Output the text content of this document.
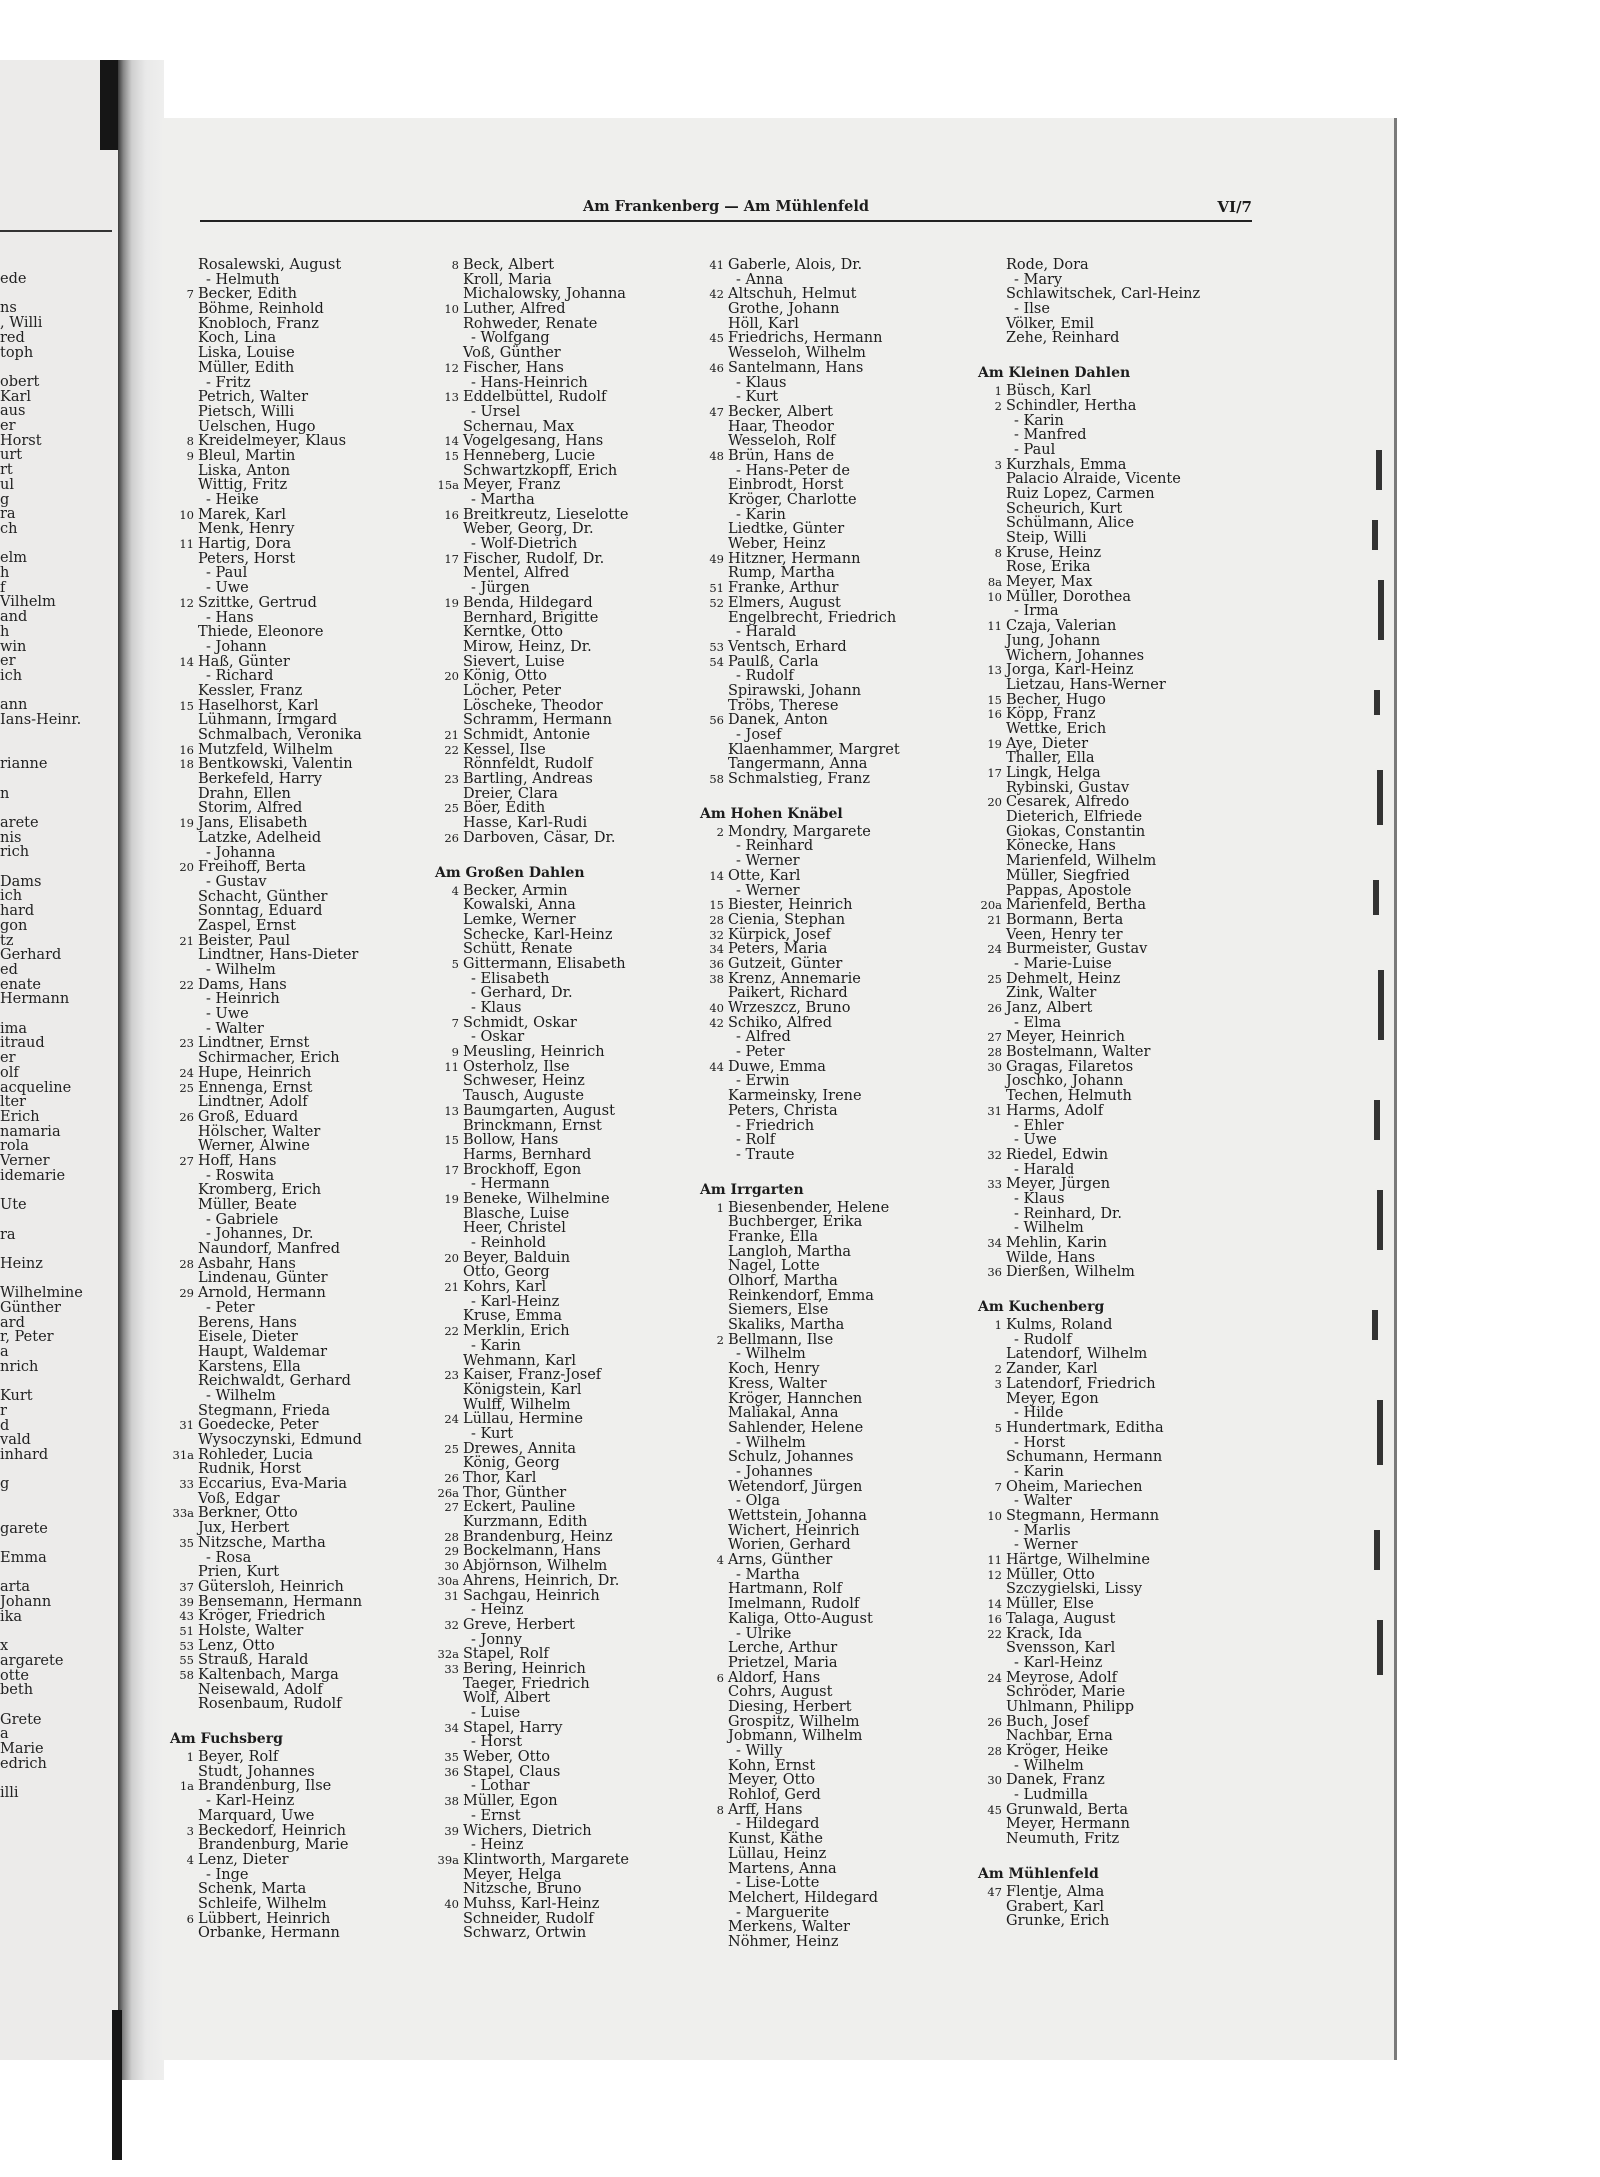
ede
ns
, Willi
red
toph
obert
Karl
aus
er
Horst
urt
rt
ul
g
ra
ch
elm
h
f
Vilhelm
and
h
win
er
ich
ann
Ians-Heinr.
rianne
n
arete
nis
rich
Dams
ich
hard
gon
tz
Gerhard
ed
enate
Hermann
ima
itraud
er
olf
acqueline
lter
Erich
namaria
rola
Verner
idemarie
Ute
ra
Heinz
Wilhelmine
Günther
ard
r, Peter
a
nrich
Kurt
r
d
vald
inhard
g
garete
Emma
arta
Johann
ika
x
argarete
otte
beth
Grete
a
Marie
edrich
illi
Am Frankenberg — Am Mühlenfeld	VI/7
Rosalewski, August
- Helmuth
7 Becker, Edith
Böhme, Reinhold
Knobloch, Franz
Koch, Lina
Liska, Louise
Müller, Edith
- Fritz
Petrich, Walter
Pietsch, Willi
Uelschen, Hugo
8 Kreidelmeyer, Klaus
9 Bleul, Martin
Liska, Anton
Wittig, Fritz
- Heike
10 Marek, Karl
Menk, Henry
11 Hartig, Dora
Peters, Horst
- Paul
- Uwe
12 Szittke, Gertrud
- Hans
Thiede, Eleonore
- Johann
14 Haß, Günter
- Richard
Kessler, Franz
15 Haselhorst, Karl
Lühmann, Irmgard
Schmalbach, Veronika
16 Mutzfeld, Wilhelm
18 Bentkowski, Valentin
Berkefeld, Harry
Drahn, Ellen
Storim, Alfred
19 Jans, Elisabeth
Latzke, Adelheid
- Johanna
20 Freihoff, Berta
- Gustav
Schacht, Günther
Sonntag, Eduard
Zaspel, Ernst
21 Beister, Paul
Lindtner, Hans-Dieter
- Wilhelm
22 Dams, Hans
- Heinrich
- Uwe
- Walter
23 Lindtner, Ernst
Schirmacher, Erich
24 Hupe, Heinrich
25 Ennenga, Ernst
Lindtner, Adolf
26 Groß, Eduard
Hölscher, Walter
Werner, Alwine
27 Hoff, Hans
- Roswita
Kromberg, Erich
Müller, Beate
- Gabriele
- Johannes, Dr.
Naundorf, Manfred
28 Asbahr, Hans
Lindenau, Günter
29 Arnold, Hermann
- Peter
Berens, Hans
Eisele, Dieter
Haupt, Waldemar
Karstens, Ella
Reichwaldt, Gerhard
- Wilhelm
Stegmann, Frieda
31 Goedecke, Peter
Wysoczynski, Edmund
31a Rohleder, Lucia
Rudnik, Horst
33 Eccarius, Eva-Maria
Voß, Edgar
33a Berkner, Otto
Jux, Herbert
35 Nitzsche, Martha
- Rosa
Prien, Kurt
37 Gütersloh, Heinrich
39 Bensemann, Hermann
43 Kröger, Friedrich
51 Holste, Walter
53 Lenz, Otto
55 Strauß, Harald
58 Kaltenbach, Marga
Neisewald, Adolf
Rosenbaum, Rudolf
Am Fuchsberg
1 Beyer, Rolf
Studt, Johannes
1a Brandenburg, Ilse
- Karl-Heinz
Marquard, Uwe
3 Beckedorf, Heinrich
Brandenburg, Marie
4 Lenz, Dieter
- Inge
Schenk, Marta
Schleife, Wilhelm
6 Lübbert, Heinrich
Orbanke, Hermann
8 Beck, Albert
Kroll, Maria
Michalowsky, Johanna
10 Luther, Alfred
Rohweder, Renate
- Wolfgang
Voß, Günther
12 Fischer, Hans
- Hans-Heinrich
13 Eddelbüttel, Rudolf
- Ursel
Schernau, Max
14 Vogelgesang, Hans
15 Henneberg, Lucie
Schwartzkopff, Erich
15a Meyer, Franz
- Martha
16 Breitkreutz, Lieselotte
Weber, Georg, Dr.
- Wolf-Dietrich
17 Fischer, Rudolf, Dr.
Mentel, Alfred
- Jürgen
19 Benda, Hildegard
Bernhard, Brigitte
Kerntke, Otto
Mirow, Heinz, Dr.
Sievert, Luise
20 König, Otto
Löcher, Peter
Löscheke, Theodor
Schramm, Hermann
21 Schmidt, Antonie
22 Kessel, Ilse
Rönnfeldt, Rudolf
23 Bartling, Andreas
Dreier, Clara
25 Böer, Edith
Hasse, Karl-Rudi
26 Darboven, Cäsar, Dr.
Am Großen Dahlen
4 Becker, Armin
Kowalski, Anna
Lemke, Werner
Schecke, Karl-Heinz
Schütt, Renate
5 Gittermann, Elisabeth
- Elisabeth
- Gerhard, Dr.
- Klaus
7 Schmidt, Oskar
- Oskar
9 Meusling, Heinrich
11 Osterholz, Ilse
Schweser, Heinz
Tausch, Auguste
13 Baumgarten, August
Brinckmann, Ernst
15 Bollow, Hans
Harms, Bernhard
17 Brockhoff, Egon
- Hermann
19 Beneke, Wilhelmine
Blasche, Luise
Heer, Christel
- Reinhold
20 Beyer, Balduin
Otto, Georg
21 Kohrs, Karl
- Karl-Heinz
Kruse, Emma
22 Merklin, Erich
- Karin
Wehmann, Karl
23 Kaiser, Franz-Josef
Königstein, Karl
Wulff, Wilhelm
24 Lüllau, Hermine
- Kurt
25 Drewes, Annita
König, Georg
26 Thor, Karl
26a Thor, Günther
27 Eckert, Pauline
Kurzmann, Edith
28 Brandenburg, Heinz
29 Bockelmann, Hans
30 Abjörnson, Wilhelm
30a Ahrens, Heinrich, Dr.
31 Sachgau, Heinrich
- Heinz
32 Greve, Herbert
- Jonny
32a Stapel, Rolf
33 Bering, Heinrich
Taeger, Friedrich
Wolf, Albert
- Luise
34 Stapel, Harry
- Horst
35 Weber, Otto
36 Stapel, Claus
- Lothar
38 Müller, Egon
- Ernst
39 Wichers, Dietrich
- Heinz
39a Klintworth, Margarete
Meyer, Helga
Nitzsche, Bruno
40 Muhss, Karl-Heinz
Schneider, Rudolf
Schwarz, Ortwin
41 Gaberle, Alois, Dr.
- Anna
42 Altschuh, Helmut
Grothe, Johann
Höll, Karl
45 Friedrichs, Hermann
Wesseloh, Wilhelm
46 Santelmann, Hans
- Klaus
- Kurt
47 Becker, Albert
Haar, Theodor
Wesseloh, Rolf
48 Brün, Hans de
- Hans-Peter de
Einbrodt, Horst
Kröger, Charlotte
- Karin
Liedtke, Günter
Weber, Heinz
49 Hitzner, Hermann
Rump, Martha
51 Franke, Arthur
52 Elmers, August
Engelbrecht, Friedrich
- Harald
53 Ventsch, Erhard
54 Paulß, Carla
- Rudolf
Spirawski, Johann
Tröbs, Therese
56 Danek, Anton
- Josef
Klaenhammer, Margret
Tangermann, Anna
58 Schmalstieg, Franz
Am Hohen Knäbel
2 Mondry, Margarete
- Reinhard
- Werner
14 Otte, Karl
- Werner
15 Biester, Heinrich
28 Cienia, Stephan
32 Kürpick, Josef
34 Peters, Maria
36 Gutzeit, Günter
38 Krenz, Annemarie
Paikert, Richard
40 Wrzeszcz, Bruno
42 Schiko, Alfred
- Alfred
- Peter
44 Duwe, Emma
- Erwin
Karmeinsky, Irene
Peters, Christa
- Friedrich
- Rolf
- Traute
Am Irrgarten
1 Biesenbender, Helene
Buchberger, Erika
Franke, Ella
Langloh, Martha
Nagel, Lotte
Olhorf, Martha
Reinkendorf, Emma
Siemers, Else
Skaliks, Martha
2 Bellmann, Ilse
- Wilhelm
Koch, Henry
Kress, Walter
Kröger, Hannchen
Maliakal, Anna
Sahlender, Helene
- Wilhelm
Schulz, Johannes
- Johannes
Wetendorf, Jürgen
- Olga
Wettstein, Johanna
Wichert, Heinrich
Worien, Gerhard
4 Arns, Günther
- Martha
Hartmann, Rolf
Imelmann, Rudolf
Kaliga, Otto-August
- Ulrike
Lerche, Arthur
Prietzel, Maria
6 Aldorf, Hans
Cohrs, August
Diesing, Herbert
Grospitz, Wilhelm
Jobmann, Wilhelm
- Willy
Kohn, Ernst
Meyer, Otto
Rohlof, Gerd
8 Arff, Hans
- Hildegard
Kunst, Käthe
Lüllau, Heinz
Martens, Anna
- Lise-Lotte
Melchert, Hildegard
- Marguerite
Merkens, Walter
Nöhmer, Heinz
Rode, Dora
- Mary
Schlawitschek, Carl-Heinz
- Ilse
Völker, Emil
Zehe, Reinhard
Am Kleinen Dahlen
1 Büsch, Karl
2 Schindler, Hertha
- Karin
- Manfred
- Paul
3 Kurzhals, Emma
Palacio Alraide, Vicente
Ruiz Lopez, Carmen
Scheurich, Kurt
Schülmann, Alice
Steip, Willi
8 Kruse, Heinz
Rose, Erika
8a Meyer, Max
10 Müller, Dorothea
- Irma
11 Czaja, Valerian
Jung, Johann
Wichern, Johannes
13 Jorga, Karl-Heinz
Lietzau, Hans-Werner
15 Becher, Hugo
16 Köpp, Franz
Wettke, Erich
19 Aye, Dieter
Thaller, Ella
17 Lingk, Helga
Rybinski, Gustav
20 Cesarek, Alfredo
Dieterich, Elfriede
Giokas, Constantin
Könecke, Hans
Marienfeld, Wilhelm
Müller, Siegfried
Pappas, Apostole
20a Marienfeld, Bertha
21 Bormann, Berta
Veen, Henry ter
24 Burmeister, Gustav
- Marie-Luise
25 Dehmelt, Heinz
Zink, Walter
26 Janz, Albert
- Elma
27 Meyer, Heinrich
28 Bostelmann, Walter
30 Gragas, Filaretos
Joschko, Johann
Techen, Helmuth
31 Harms, Adolf
- Ehler
- Uwe
32 Riedel, Edwin
- Harald
33 Meyer, Jürgen
- Klaus
- Reinhard, Dr.
- Wilhelm
34 Mehlin, Karin
Wilde, Hans
36 Dierßen, Wilhelm
Am Kuchenberg
1 Kulms, Roland
- Rudolf
Latendorf, Wilhelm
2 Zander, Karl
3 Latendorf, Friedrich
Meyer, Egon
- Hilde
5 Hundertmark, Editha
- Horst
Schumann, Hermann
- Karin
7 Oheim, Mariechen
- Walter
10 Stegmann, Hermann
- Marlis
- Werner
11 Härtge, Wilhelmine
12 Müller, Otto
Szczygielski, Lissy
14 Müller, Else
16 Talaga, August
22 Krack, Ida
Svensson, Karl
- Karl-Heinz
24 Meyrose, Adolf
Schröder, Marie
Uhlmann, Philipp
26 Buch, Josef
Nachbar, Erna
28 Kröger, Heike
- Wilhelm
30 Danek, Franz
- Ludmilla
45 Grunwald, Berta
Meyer, Hermann
Neumuth, Fritz
Am Mühlenfeld
47 Flentje, Alma
Grabert, Karl
Grunke, Erich
